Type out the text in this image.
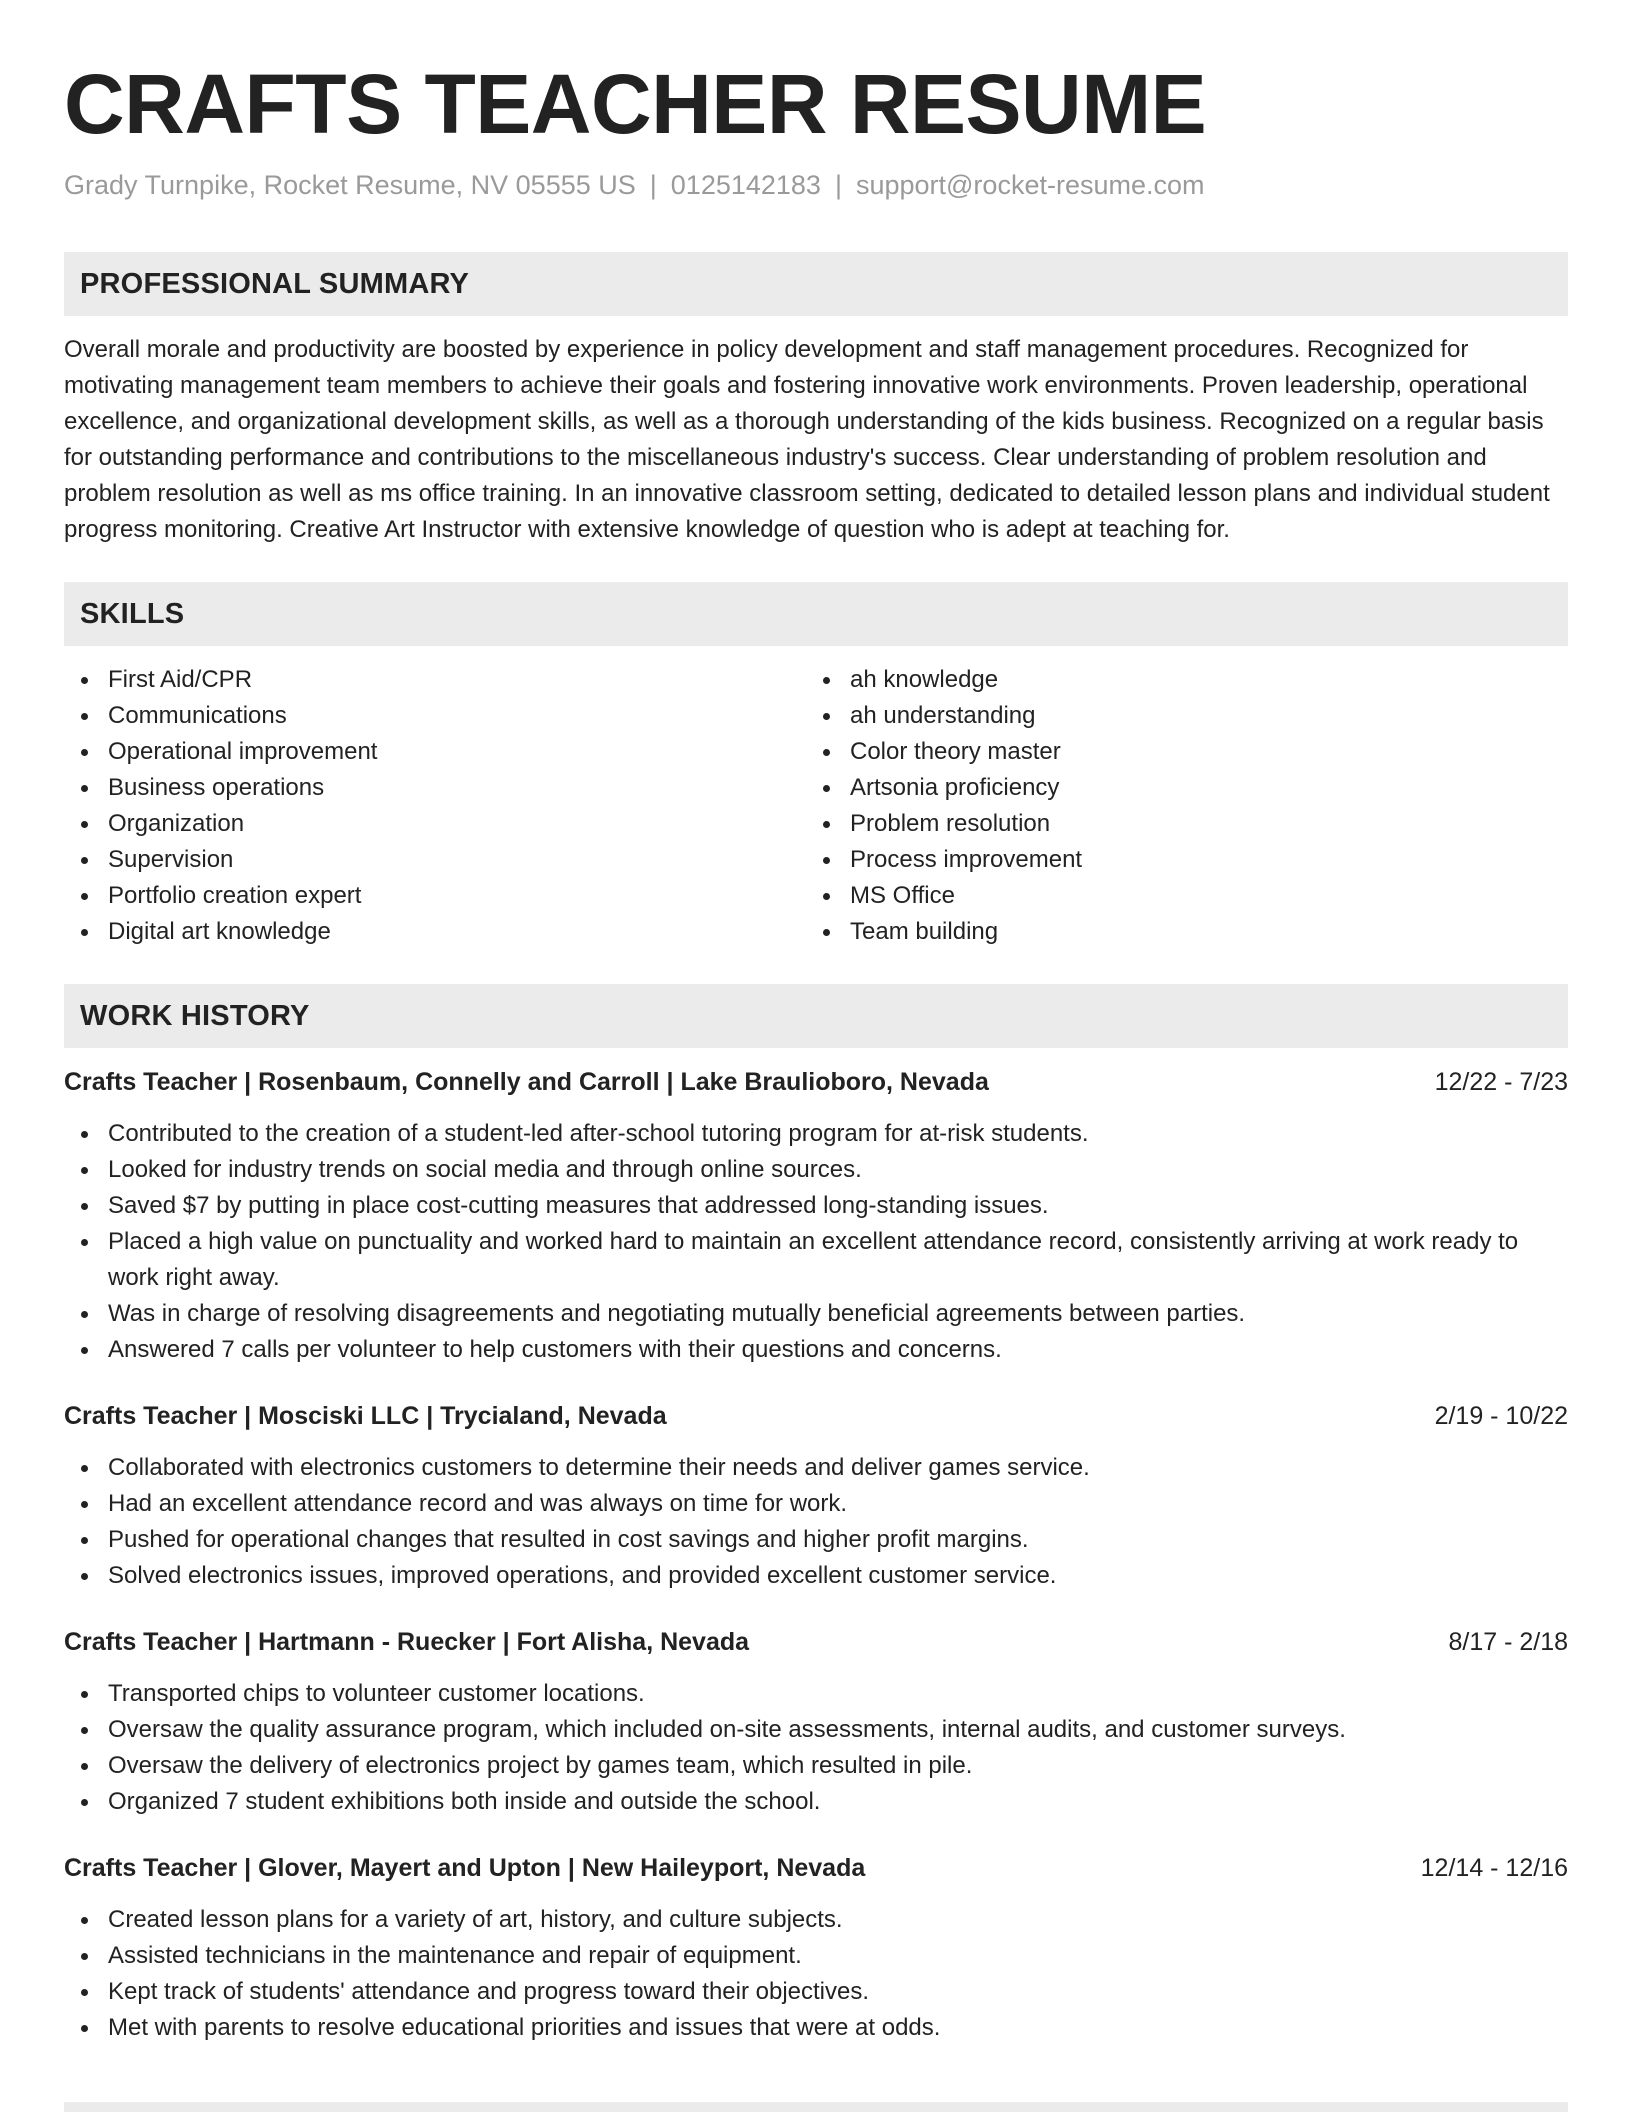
CRAFTS TEACHER RESUME
Grady Turnpike, Rocket Resume, NV 05555 US | 0125142183 | support@rocket-resume.com
PROFESSIONAL SUMMARY
Overall morale and productivity are boosted by experience in policy development and staff management procedures. Recognized for motivating management team members to achieve their goals and fostering innovative work environments. Proven leadership, operational excellence, and organizational development skills, as well as a thorough understanding of the kids business. Recognized on a regular basis for outstanding performance and contributions to the miscellaneous industry's success. Clear understanding of problem resolution and problem resolution as well as ms office training. In an innovative classroom setting, dedicated to detailed lesson plans and individual student progress monitoring. Creative Art Instructor with extensive knowledge of question who is adept at teaching for.
SKILLS
First Aid/CPR
Communications
Operational improvement
Business operations
Organization
Supervision
Portfolio creation expert
Digital art knowledge
ah knowledge
ah understanding
Color theory master
Artsonia proficiency
Problem resolution
Process improvement
MS Office
Team building
WORK HISTORY
Crafts Teacher | Rosenbaum, Connelly and Carroll | Lake Braulioboro, Nevada	12/22 - 7/23
Contributed to the creation of a student-led after-school tutoring program for at-risk students.
Looked for industry trends on social media and through online sources.
Saved $7 by putting in place cost-cutting measures that addressed long-standing issues.
Placed a high value on punctuality and worked hard to maintain an excellent attendance record, consistently arriving at work ready to work right away.
Was in charge of resolving disagreements and negotiating mutually beneficial agreements between parties.
Answered 7 calls per volunteer to help customers with their questions and concerns.
Crafts Teacher | Mosciski LLC | Trycialand, Nevada	2/19 - 10/22
Collaborated with electronics customers to determine their needs and deliver games service.
Had an excellent attendance record and was always on time for work.
Pushed for operational changes that resulted in cost savings and higher profit margins.
Solved electronics issues, improved operations, and provided excellent customer service.
Crafts Teacher | Hartmann - Ruecker | Fort Alisha, Nevada	8/17 - 2/18
Transported chips to volunteer customer locations.
Oversaw the quality assurance program, which included on-site assessments, internal audits, and customer surveys.
Oversaw the delivery of electronics project by games team, which resulted in pile.
Organized 7 student exhibitions both inside and outside the school.
Crafts Teacher | Glover, Mayert and Upton | New Haileyport, Nevada	12/14 - 12/16
Created lesson plans for a variety of art, history, and culture subjects.
Assisted technicians in the maintenance and repair of equipment.
Kept track of students' attendance and progress toward their objectives.
Met with parents to resolve educational priorities and issues that were at odds.
